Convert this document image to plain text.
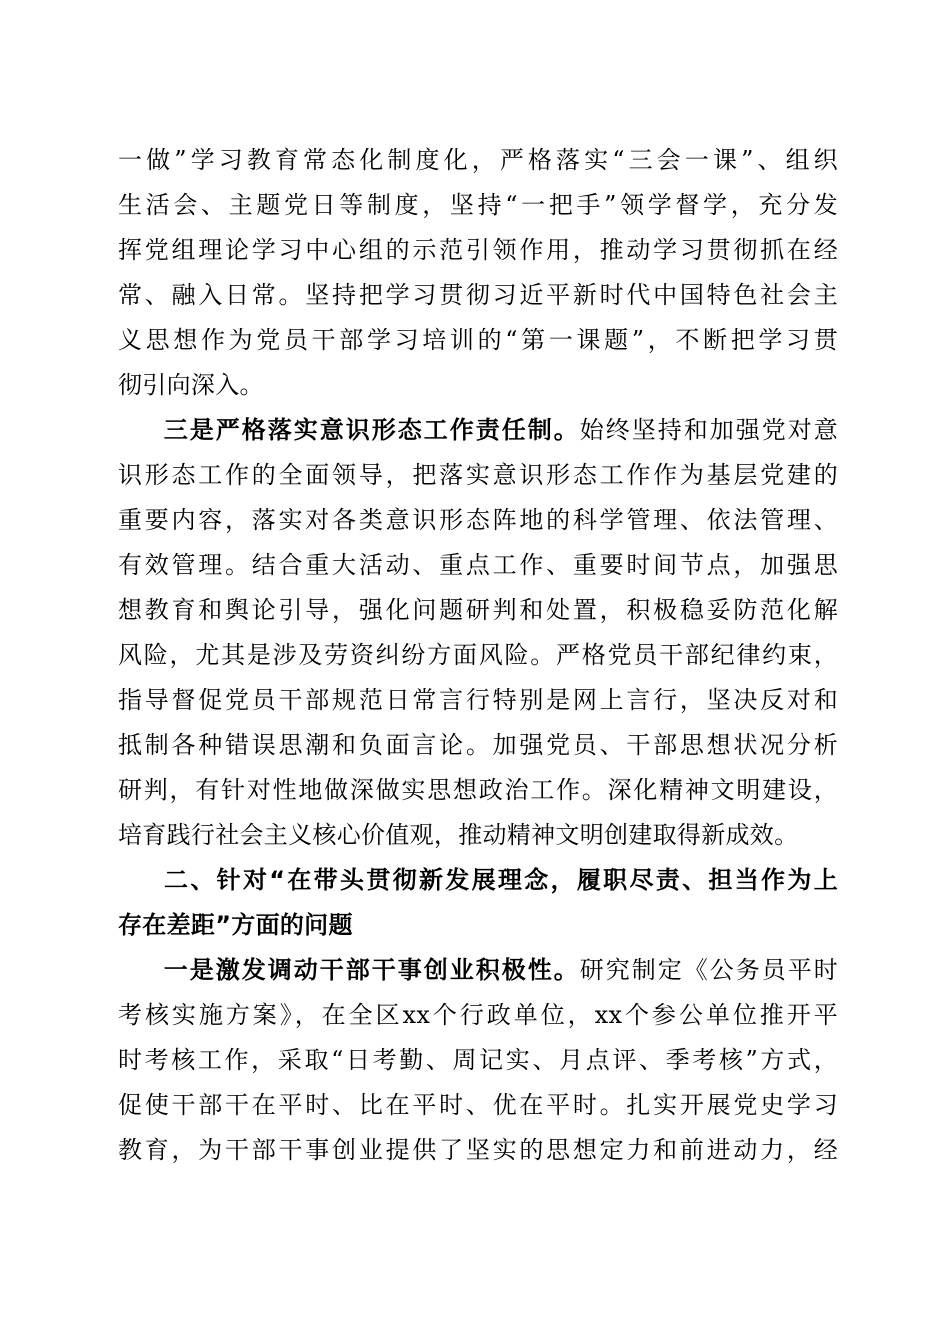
一做”学习教育常态化制度化，严格落实“三会一课”、组织
生活会、主题党日等制度，坚持“一把手”领学督学，充分发
挥党组理论学习中心组的示范引领作用，推动学习贯彻抓在经
常、融入日常。坚持把学习贯彻习近平新时代中国特色社会主
义思想作为党员干部学习培训的“第一课题”，不断把学习贯
彻引向深入。
三是严格落实意识形态工作责任制。始终坚持和加强党对意
识形态工作的全面领导，把落实意识形态工作作为基层党建的
重要内容，落实对各类意识形态阵地的科学管理、依法管理、
有效管理。结合重大活动、重点工作、重要时间节点，加强思
想教育和舆论引导，强化问题研判和处置，积极稳妥防范化解
风险，尤其是涉及劳资纠纷方面风险。严格党员干部纪律约束，
指导督促党员干部规范日常言行特别是网上言行，坚决反对和
抵制各种错误思潮和负面言论。加强党员、干部思想状况分析
研判，有针对性地做深做实思想政治工作。深化精神文明建设，
培育践行社会主义核心价值观，推动精神文明创建取得新成效。
二、针对“在带头贯彻新发展理念，履职尽责、担当作为上
存在差距”方面的问题
一是激发调动干部干事创业积极性。研究制定《公务员平时
考核实施方案》，在全区xx个行政单位，xx个参公单位推开平
时考核工作，采取“日考勤、周记实、月点评、季考核”方式，
促使干部干在平时、比在平时、优在平时。扎实开展党史学习
教育，为干部干事创业提供了坚实的思想定力和前进动力，经
